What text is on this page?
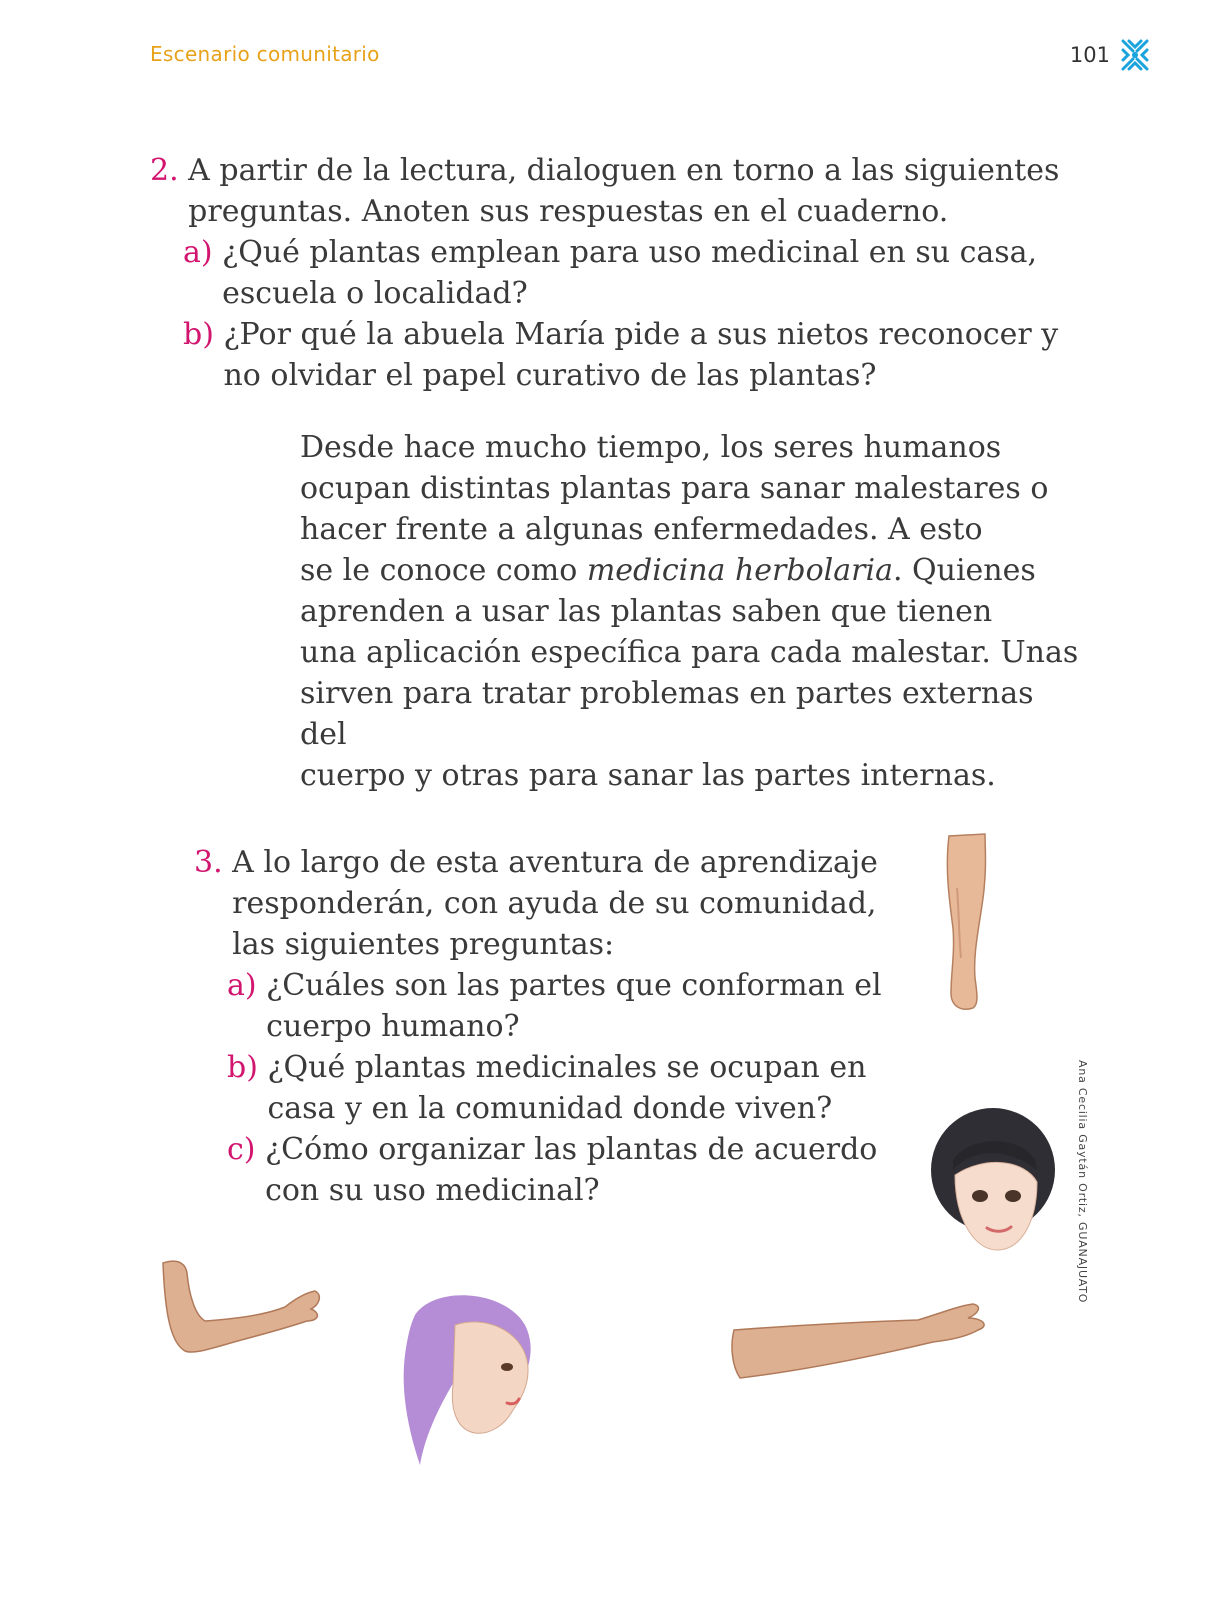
Escenario comunitario	101
2.
A partir de la lectura, dialoguen en torno a las siguientes
preguntas. Anoten sus respuestas en el cuaderno.
a)
¿Qué plantas emplean para uso medicinal en su casa,
escuela o localidad?
b)
¿Por qué la abuela María pide a sus nietos reconocer y
no olvidar el papel curativo de las plantas?
Desde hace mucho tiempo, los seres humanos
ocupan distintas plantas para sanar malestares o
hacer frente a algunas enfermedades. A esto
se le conoce como medicina herbolaria. Quienes
aprenden a usar las plantas saben que tienen
una aplicación específica para cada malestar. Unas
sirven para tratar problemas en partes externas del
cuerpo y otras para sanar las partes internas.
3.
A lo largo de esta aventura de aprendizaje
responderán, con ayuda de su comunidad,
las siguientes preguntas:
a)
¿Cuáles son las partes que conforman el
cuerpo humano?
b)
¿Qué plantas medicinales se ocupan en
casa y en la comunidad donde viven?
c)
¿Cómo organizar las plantas de acuerdo
con su uso medicinal?	Ana Cecilia Gaytán Ortiz, GUANAJUATO
